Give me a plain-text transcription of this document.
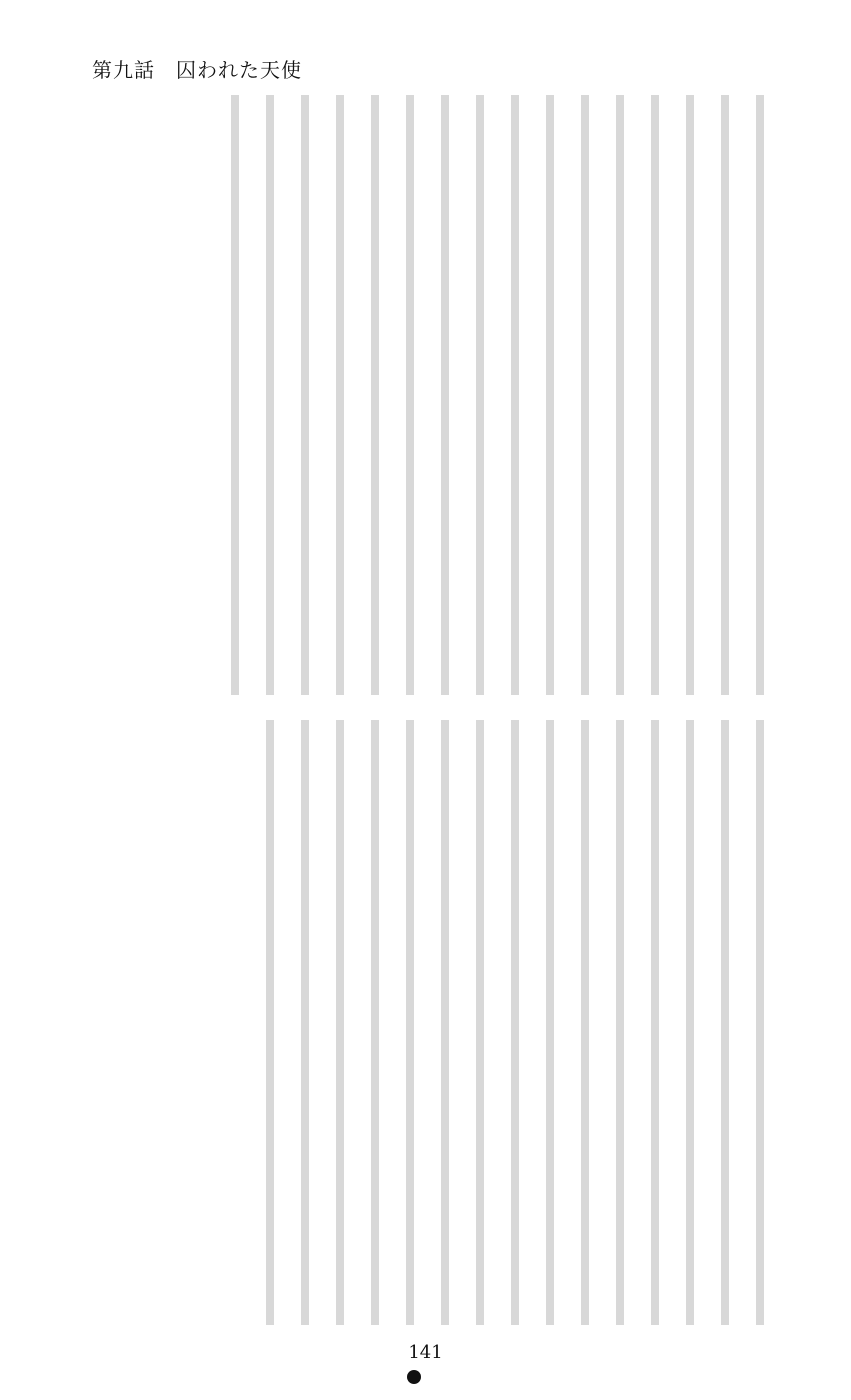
第九話　囚われた天使
141
